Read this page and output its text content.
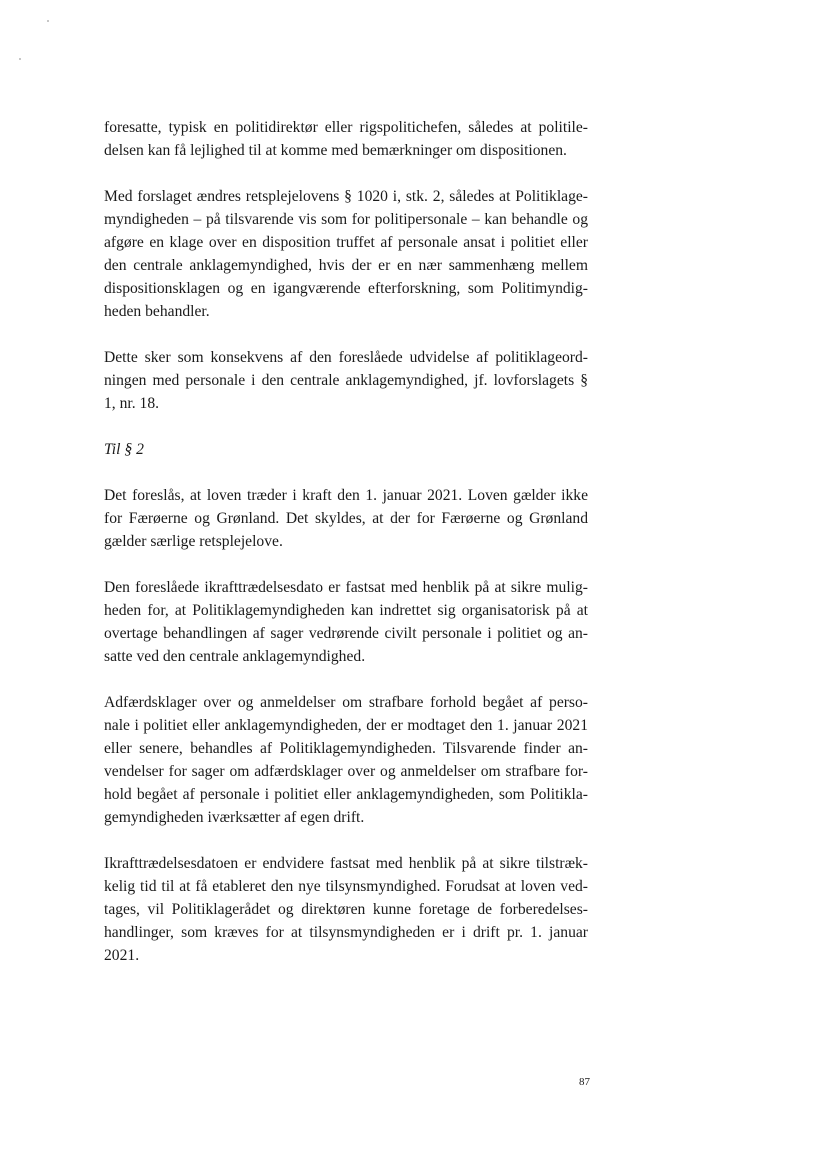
foresatte, typisk en politidirektør eller rigspolitichefen, således at politile-
delsen kan få lejlighed til at komme med bemærkninger om dispositionen.

Med forslaget ændres retsplejelovens § 1020 i, stk. 2, således at Politiklage-
myndigheden – på tilsvarende vis som for politipersonale – kan behandle og
afgøre en klage over en disposition truffet af personale ansat i politiet eller
den centrale anklagemyndighed, hvis der er en nær sammenhæng mellem
dispositionsklagen og en igangværende efterforskning, som Politimyndig-
heden behandler.

Dette sker som konsekvens af den foreslåede udvidelse af politiklageord-
ningen med personale i den centrale anklagemyndighed, jf. lovforslagets §
1, nr. 18.

Til § 2

Det foreslås, at loven træder i kraft den 1. januar 2021. Loven gælder ikke
for Færøerne og Grønland. Det skyldes, at der for Færøerne og Grønland
gælder særlige retsplejelove.

Den foreslåede ikrafttrædelsesdato er fastsat med henblik på at sikre mulig-
heden for, at Politiklagemyndigheden kan indrettet sig organisatorisk på at
overtage behandlingen af sager vedrørende civilt personale i politiet og an-
satte ved den centrale anklagemyndighed.

Adfærdsklager over og anmeldelser om strafbare forhold begået af perso-
nale i politiet eller anklagemyndigheden, der er modtaget den 1. januar 2021
eller senere, behandles af Politiklagemyndigheden. Tilsvarende finder an-
vendelser for sager om adfærdsklager over og anmeldelser om strafbare for-
hold begået af personale i politiet eller anklagemyndigheden, som Politikla-
gemyndigheden iværksætter af egen drift.

Ikrafttrædelsesdatoen er endvidere fastsat med henblik på at sikre tilstræk-
kelig tid til at få etableret den nye tilsynsmyndighed. Forudsat at loven ved-
tages, vil Politiklagerådet og direktøren kunne foretage de forberedelses-
handlinger, som kræves for at tilsynsmyndigheden er i drift pr. 1. januar
2021.

87
